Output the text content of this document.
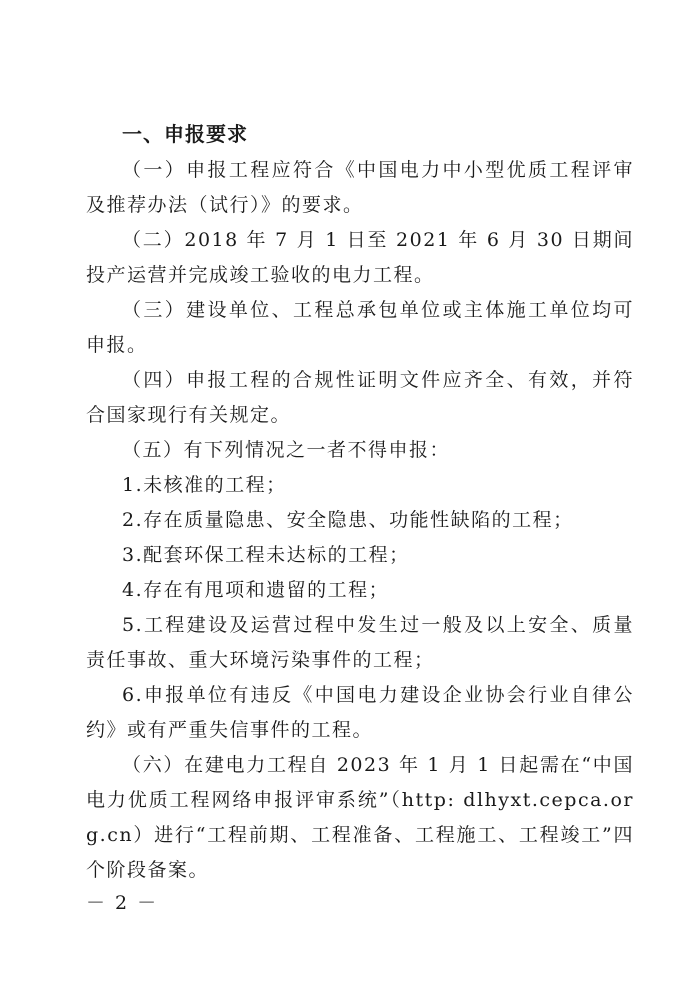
一、申报要求

（一）申报工程应符合《中国电力中小型优质工程评审及推荐办法（试行）》的要求。

（二）2018 年 7 月 1 日至 2021 年 6 月 30 日期间投产运营并完成竣工验收的电力工程。

（三）建设单位、工程总承包单位或主体施工单位均可申报。

（四）申报工程的合规性证明文件应齐全、有效，并符合国家现行有关规定。

（五）有下列情况之一者不得申报：

1.未核准的工程；

2.存在质量隐患、安全隐患、功能性缺陷的工程；

3.配套环保工程未达标的工程；

4.存在有甩项和遗留的工程；

5.工程建设及运营过程中发生过一般及以上安全、质量责任事故、重大环境污染事件的工程；

6.申报单位有违反《中国电力建设企业协会行业自律公约》或有严重失信事件的工程。

（六）在建电力工程自 2023 年 1 月 1 日起需在“中国电力优质工程网络申报评审系统”（http: dlhyxt.cepca.org.cn）进行“工程前期、工程准备、工程施工、工程竣工”四个阶段备案。

－ 2 －
